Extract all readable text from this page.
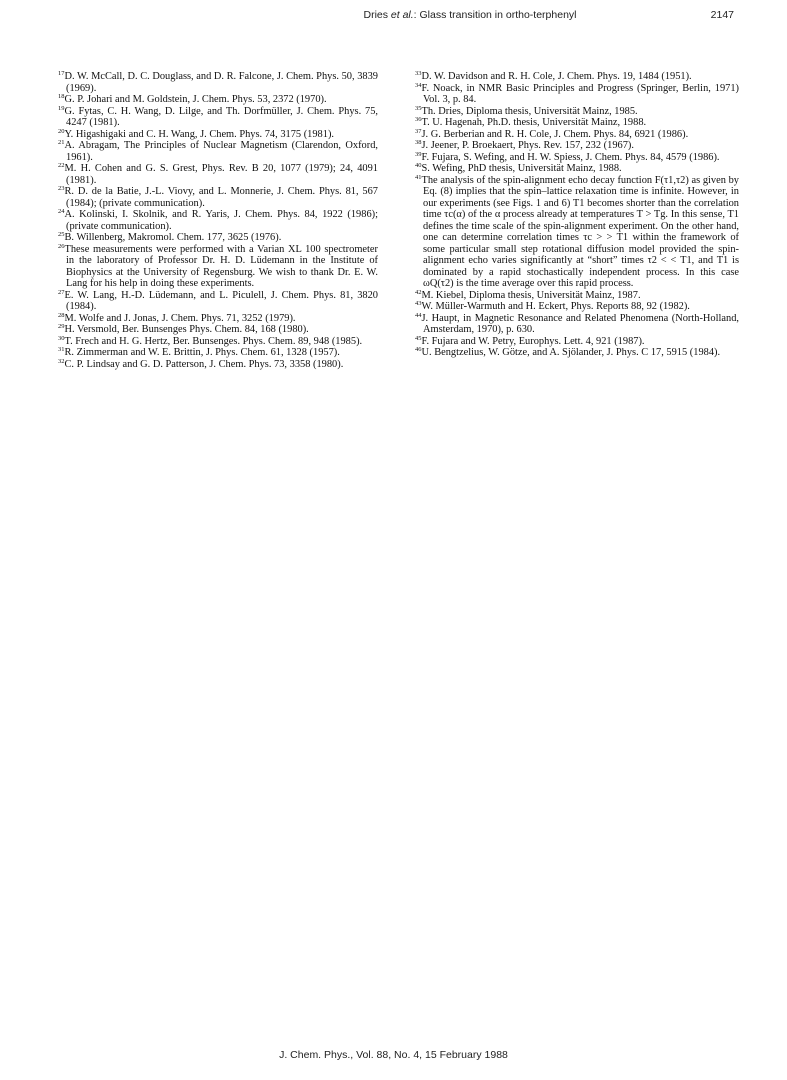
Dries et al.: Glass transition in ortho-terphenyl	2147

$^{17}$D. W. McCall, D. C. Douglass, and D. R. Falcone, J. Chem. Phys. 50, 3839 (1969).

$^{18}$G. P. Johari and M. Goldstein, J. Chem. Phys. 53, 2372 (1970).

$^{19}$G. Fytas, C. H. Wang, D. Lilge, and Th. Dorfmüller, J. Chem. Phys. 75, 4247 (1981).

$^{20}$Y. Higashigaki and C. H. Wang, J. Chem. Phys. 74, 3175 (1981).

$^{21}$A. Abragam, The Principles of Nuclear Magnetism (Clarendon, Oxford, 1961).

$^{22}$M. H. Cohen and G. S. Grest, Phys. Rev. B 20, 1077 (1979); 24, 4091 (1981).

$^{23}$R. D. de la Batie, J.-L. Viovy, and L. Monnerie, J. Chem. Phys. 81, 567 (1984); (private communication).

$^{24}$A. Kolinski, I. Skolnik, and R. Yaris, J. Chem. Phys. 84, 1922 (1986); (private communication).

$^{25}$B. Willenberg, Makromol. Chem. 177, 3625 (1976).

$^{26}$These measurements were performed with a Varian XL 100 spectrometer in the laboratory of Professor Dr. H. D. Lüdemann in the Institute of Biophysics at the University of Regensburg. We wish to thank Dr. E. W. Lang for his help in doing these experiments.

$^{27}$E. W. Lang, H.-D. Lüdemann, and L. Piculell, J. Chem. Phys. 81, 3820 (1984).

$^{28}$M. Wolfe and J. Jonas, J. Chem. Phys. 71, 3252 (1979).

$^{29}$H. Versmold, Ber. Bunsenges Phys. Chem. 84, 168 (1980).

$^{30}$T. Frech and H. G. Hertz, Ber. Bunsenges. Phys. Chem. 89, 948 (1985).

$^{31}$R. Zimmerman and W. E. Brittin, J. Phys. Chem. 61, 1328 (1957).

$^{32}$C. P. Lindsay and G. D. Patterson, J. Chem. Phys. 73, 3358 (1980).

$^{33}$D. W. Davidson and R. H. Cole, J. Chem. Phys. 19, 1484 (1951).

$^{34}$F. Noack, in NMR Basic Principles and Progress (Springer, Berlin, 1971) Vol. 3, p. 84.

$^{35}$Th. Dries, Diploma thesis, Universität Mainz, 1985.

$^{36}$T. U. Hagenah, Ph.D. thesis, Universität Mainz, 1988.

$^{37}$J. G. Berberian and R. H. Cole, J. Chem. Phys. 84, 6921 (1986).

$^{38}$J. Jeener, P. Broekaert, Phys. Rev. 157, 232 (1967).

$^{39}$F. Fujara, S. Wefing, and H. W. Spiess, J. Chem. Phys. 84, 4579 (1986).

$^{40}$S. Wefing, PhD thesis, Universität Mainz, 1988.

$^{41}$The analysis of the spin-alignment echo decay function F(τ1,τ2) as given by Eq. (8) implies that the spin–lattice relaxation time is infinite. However, in our experiments (see Figs. 1 and 6) T1 becomes shorter than the correlation time τc(α) of the α process already at temperatures T > Tg. In this sense, T1 defines the time scale of the spin-alignment experiment. On the other hand, one can determine correlation times τc > > T1 within the framework of some particular small step rotational diffusion model provided the spin-alignment echo varies significantly at “short” times τ2 < < T1, and T1 is dominated by a rapid stochastically independent process. In this case ωQ(τ2) is the time average over this rapid process.

$^{42}$M. Kiebel, Diploma thesis, Universität Mainz, 1987.

$^{43}$W. Müller-Warmuth and H. Eckert, Phys. Reports 88, 92 (1982).

$^{44}$J. Haupt, in Magnetic Resonance and Related Phenomena (North-Holland, Amsterdam, 1970), p. 630.

$^{45}$F. Fujara and W. Petry, Europhys. Lett. 4, 921 (1987).

$^{46}$U. Bengtzelius, W. Götze, and A. Sjölander, J. Phys. C 17, 5915 (1984).

J. Chem. Phys., Vol. 88, No. 4, 15 February 1988
